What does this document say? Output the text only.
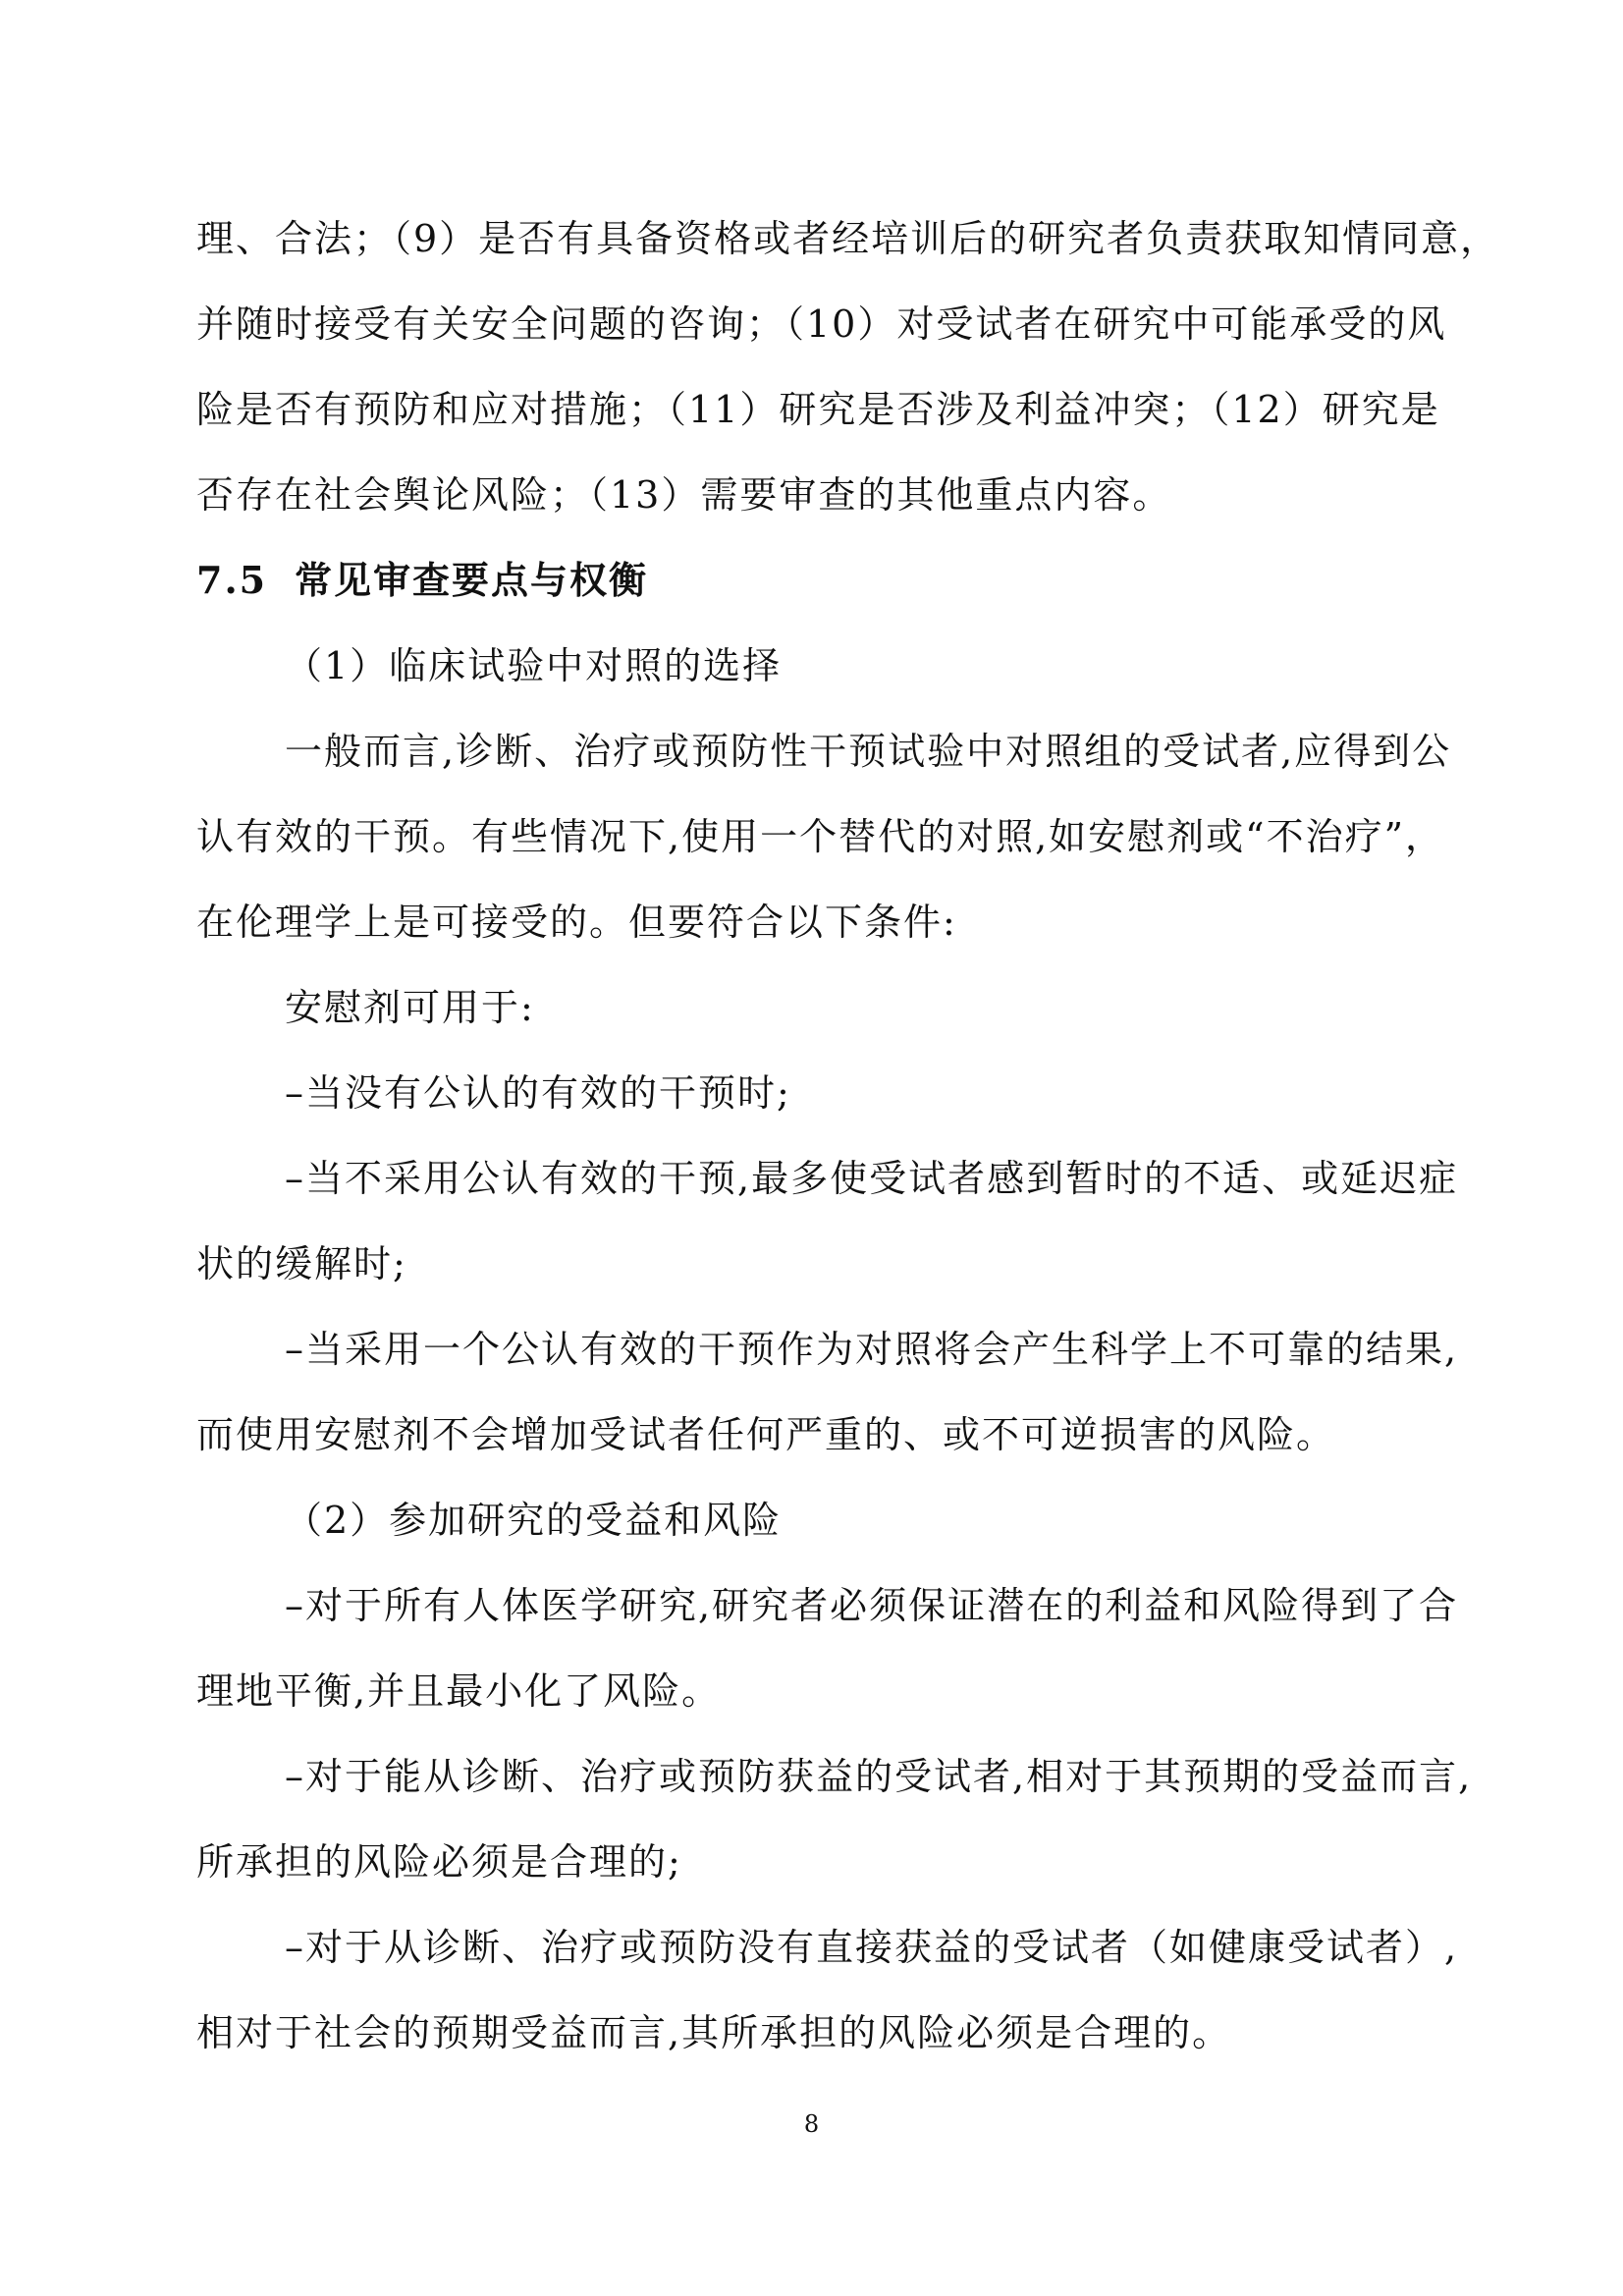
理、合法；（9）是否有具备资格或者经培训后的研究者负责获取知情同意，
并随时接受有关安全问题的咨询；（10）对受试者在研究中可能承受的风
险是否有预防和应对措施；（11）研究是否涉及利益冲突；（12）研究是
否存在社会舆论风险；（13）需要审查的其他重点内容。
7.5 常见审查要点与权衡
（1）临床试验中对照的选择
一般而言,诊断、治疗或预防性干预试验中对照组的受试者,应得到公
认有效的干预。有些情况下,使用一个替代的对照,如安慰剂或“不治疗”，
在伦理学上是可接受的。但要符合以下条件:
安慰剂可用于:
–当没有公认的有效的干预时;
–当不采用公认有效的干预,最多使受试者感到暂时的不适、或延迟症
状的缓解时;
–当采用一个公认有效的干预作为对照将会产生科学上不可靠的结果,
而使用安慰剂不会增加受试者任何严重的、或不可逆损害的风险。
（2）参加研究的受益和风险
–对于所有人体医学研究,研究者必须保证潜在的利益和风险得到了合
理地平衡,并且最小化了风险。
–对于能从诊断、治疗或预防获益的受试者,相对于其预期的受益而言,
所承担的风险必须是合理的;
–对于从诊断、治疗或预防没有直接获益的受试者（如健康受试者）,
相对于社会的预期受益而言,其所承担的风险必须是合理的。
8
